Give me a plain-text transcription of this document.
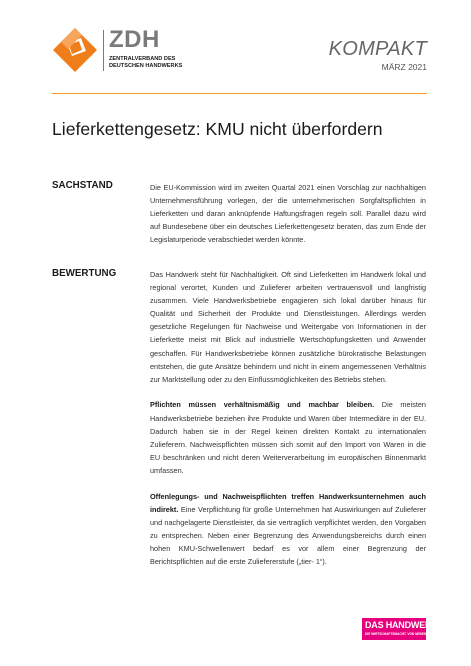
ZDH
ZENTRALVERBAND DES
DEUTSCHEN HANDWERKS
KOMPAKT
MÄRZ 2021
Lieferkettengesetz: KMU nicht überfordern
SACHSTAND	Die EU-Kommission wird im zweiten Quartal 2021 einen Vorschlag zur nachhaltigen Unternehmensführung vorlegen, der die unternehmerischen Sorgfaltspflichten in Lieferketten und daran anknüpfende Haftungsfragen regeln soll. Parallel dazu wird auf Bundesebene über ein deutsches Lieferkettengesetz beraten, das zum Ende der Legislaturperiode verabschiedet werden könnte.

BEWERTUNG	Das Handwerk steht für Nachhaltigkeit. Oft sind Lieferketten im Handwerk lokal und regional verortet, Kunden und Zulieferer arbeiten vertrauensvoll und langfristig zusammen. Viele Handwerksbetriebe engagieren sich lokal darüber hinaus für Qualität und Sicherheit der Produkte und Dienstleistungen. Allerdings werden gesetzliche Regelungen für Nachweise und Weitergabe von Informationen in der Lieferkette meist mit Blick auf industrielle Wertschöpfungsketten und Anwender geschaffen. Für Handwerksbetriebe können zusätzliche bürokratische Belastungen entstehen, die gute Ansätze behindern und nicht in einem angemessenen Verhältnis zur Marktstellung oder zu den Einflussmöglichkeiten des Betriebs stehen.

Pflichten müssen verhältnismäßig und machbar bleiben. Die meisten Handwerksbetriebe beziehen ihre Produkte und Waren über Intermediäre in der EU. Dadurch haben sie in der Regel keinen direkten Kontakt zu internationalen Zulieferern. Nachweispflichten müssen sich somit auf den Import von Waren in die EU beschränken und nicht deren Weiterverarbeitung im europäischen Binnenmarkt umfassen.

Offenlegungs- und Nachweispflichten treffen Handwerksunternehmen auch indirekt. Eine Verpflichtung für große Unternehmen hat Auswirkungen auf Zulieferer und nachgelagerte Dienstleister, da sie vertraglich verpflichtet werden, den Vorgaben zu entsprechen. Neben einer Begrenzung des Anwendungsbereichs durch einen hohen KMU-Schwellenwert bedarf es vor allem einer Begrenzung der Berichtspflichten auf die erste Zuliefererstufe („tier- 1“).

DAS HANDWERK
DIE WIRTSCHAFTSMACHT. VON NEBENAN.
